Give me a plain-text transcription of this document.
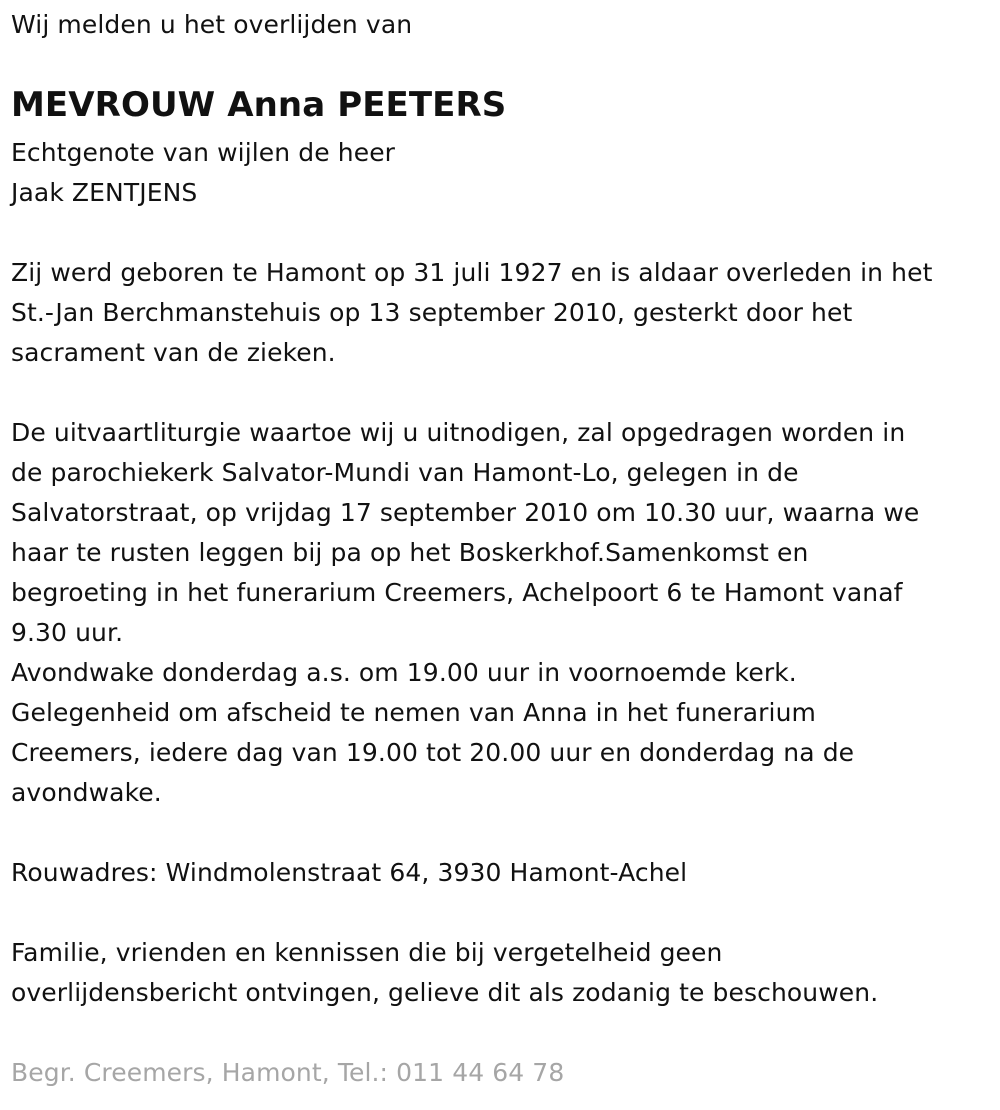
Wij melden u het overlijden van
MEVROUW Anna PEETERS
Echtgenote van wijlen de heer
Jaak ZENTJENS
Zij werd geboren te Hamont op 31 juli 1927 en is aldaar overleden in het
St.-Jan Berchmanstehuis op 13 september 2010, gesterkt door het
sacrament van de zieken.
De uitvaartliturgie waartoe wij u uitnodigen, zal opgedragen worden in
de parochiekerk Salvator-Mundi van Hamont-Lo, gelegen in de
Salvatorstraat, op vrijdag 17 september 2010 om 10.30 uur, waarna we
haar te rusten leggen bij pa op het Boskerkhof.Samenkomst en
begroeting in het funerarium Creemers, Achelpoort 6 te Hamont vanaf
9.30 uur.
Avondwake donderdag a.s. om 19.00 uur in voornoemde kerk.
Gelegenheid om afscheid te nemen van Anna in het funerarium
Creemers, iedere dag van 19.00 tot 20.00 uur en donderdag na de
avondwake.
Rouwadres: Windmolenstraat 64, 3930 Hamont-Achel
Familie, vrienden en kennissen die bij vergetelheid geen
overlijdensbericht ontvingen, gelieve dit als zodanig te beschouwen.
Begr. Creemers, Hamont, Tel.: 011 44 64 78
